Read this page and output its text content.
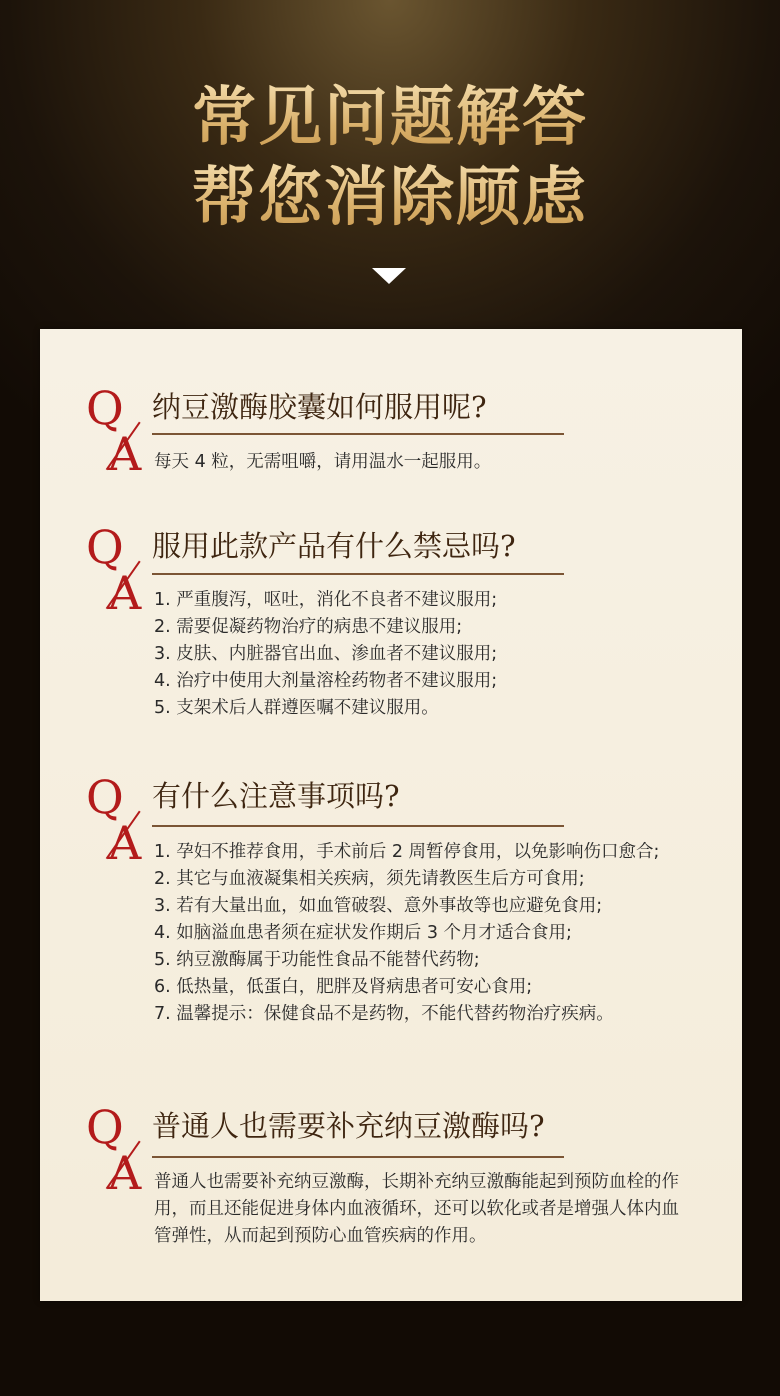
常见问题解答
帮您消除顾虑
Q
A
纳豆激酶胶囊如何服用呢?

每天 4 粒，无需咀嚼，请用温水一起服用。

Q
A
服用此款产品有什么禁忌吗?
1. 严重腹泻，呕吐，消化不良者不建议服用;
2. 需要促凝药物治疗的病患不建议服用;
3. 皮肤、内脏器官出血、渗血者不建议服用;
4. 治疗中使用大剂量溶栓药物者不建议服用;
5. 支架术后人群遵医嘱不建议服用。
Q
A
有什么注意事项吗?
1. 孕妇不推荐食用，手术前后 2 周暂停食用，以免影响伤口愈合;
2. 其它与血液凝集相关疾病，须先请教医生后方可食用;
3. 若有大量出血，如血管破裂、意外事故等也应避免食用;
4. 如脑溢血患者须在症状发作期后 3 个月才适合食用;
5. 纳豆激酶属于功能性食品不能替代药物;
6. 低热量，低蛋白，肥胖及肾病患者可安心食用;
7. 温馨提示：保健食品不是药物，不能代替药物治疗疾病。
Q
A
普通人也需要补充纳豆激酶吗?

普通人也需要补充纳豆激酶，长期补充纳豆激酶能起到预防血栓的作用，而且还能促进身体内血液循环，还可以软化或者是增强人体内血管弹性，从而起到预防心血管疾病的作用。
